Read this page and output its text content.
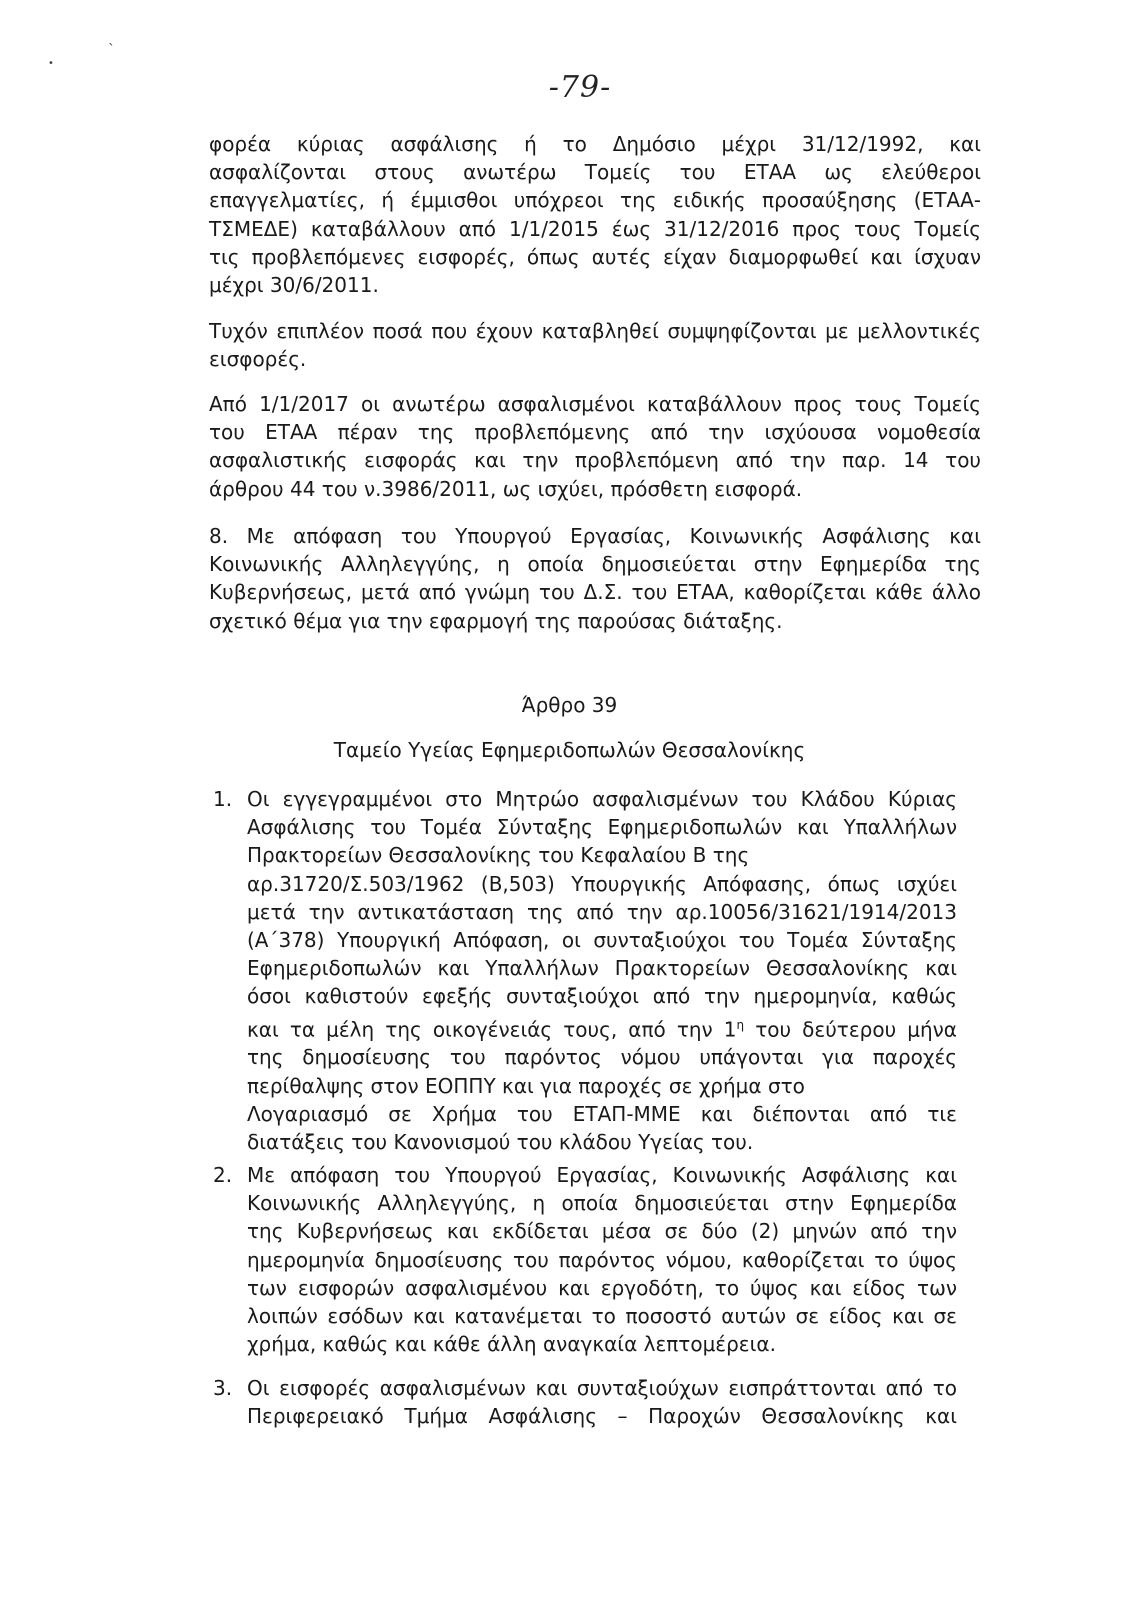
ˎ
•
-79-

φορέα κύριας ασφάλισης ή το Δημόσιο μέχρι 31/12/1992, και
ασφαλίζονται στους ανωτέρω Τομείς του ΕΤΑΑ ως ελεύθεροι
επαγγελματίες, ή έμμισθοι υπόχρεοι της ειδικής προσαύξησης (ΕΤΑΑ-
ΤΣΜΕΔΕ) καταβάλλουν από 1/1/2015 έως 31/12/2016 προς τους Τομείς
τις προβλεπόμενες εισφορές, όπως αυτές είχαν διαμορφωθεί και ίσχυαν
μέχρι 30/6/2011.

Τυχόν επιπλέον ποσά που έχουν καταβληθεί συμψηφίζονται με μελλοντικές
εισφορές.

Από 1/1/2017 οι ανωτέρω ασφαλισμένοι καταβάλλουν προς τους Τομείς
του ΕΤΑΑ πέραν της προβλεπόμενης από την ισχύουσα νομοθεσία
ασφαλιστικής εισφοράς και την προβλεπόμενη από την παρ. 14 του
άρθρου 44 του ν.3986/2011, ως ισχύει, πρόσθετη εισφορά.

8. Με απόφαση του Υπουργού Εργασίας, Κοινωνικής Ασφάλισης και
Κοινωνικής Αλληλεγγύης, η οποία δημοσιεύεται στην Εφημερίδα της
Κυβερνήσεως, μετά από γνώμη του Δ.Σ. του ΕΤΑΑ, καθορίζεται κάθε άλλο
σχετικό θέμα για την εφαρμογή της παρούσας διάταξης.

Άρθρο 39
Ταμείο Υγείας Εφημεριδοπωλών Θεσσαλονίκης
1. Οι εγγεγραμμένοι στο Μητρώο ασφαλισμένων του Κλάδου Κύριας
Ασφάλισης του Τομέα Σύνταξης Εφημεριδοπωλών και Υπαλλήλων
Πρακτορείων Θεσσαλονίκης του Κεφαλαίου Β της
αρ.31720/Σ.503/1962 (Β,503) Υπουργικής Απόφασης, όπως ισχύει
μετά την αντικατάσταση της από την αρ.10056/31621/1914/2013
(Α΄378) Υπουργική Απόφαση, οι συνταξιούχοι του Τομέα Σύνταξης
Εφημεριδοπωλών και Υπαλλήλων Πρακτορείων Θεσσαλονίκης και
όσοι καθιστούν εφεξής συνταξιούχοι από την ημερομηνία, καθώς
και τα μέλη της οικογένειάς τους, από την $1^\eta$ του δεύτερου μήνα
της δημοσίευσης του παρόντος νόμου υπάγονται για παροχές
περίθαλψης στον ΕΟΠΠΥ και για παροχές σε χρήμα στο
Λογαριασμό σε Χρήμα του ΕΤΑΠ-ΜΜΕ και διέπονται από τιε
διατάξεις του Κανονισμού του κλάδου Υγείας του.
2. Με απόφαση του Υπουργού Εργασίας, Κοινωνικής Ασφάλισης και
Κοινωνικής Αλληλεγγύης, η οποία δημοσιεύεται στην Εφημερίδα
της Κυβερνήσεως και εκδίδεται μέσα σε δύο (2) μηνών από την
ημερομηνία δημοσίευσης του παρόντος νόμου, καθορίζεται το ύψος
των εισφορών ασφαλισμένου και εργοδότη, το ύψος και είδος των
λοιπών εσόδων και κατανέμεται το ποσοστό αυτών σε είδος και σε
χρήμα, καθώς και κάθε άλλη αναγκαία λεπτομέρεια.
3. Οι εισφορές ασφαλισμένων και συνταξιούχων εισπράττονται από το
Περιφερειακό Τμήμα Ασφάλισης – Παροχών Θεσσαλονίκης και
